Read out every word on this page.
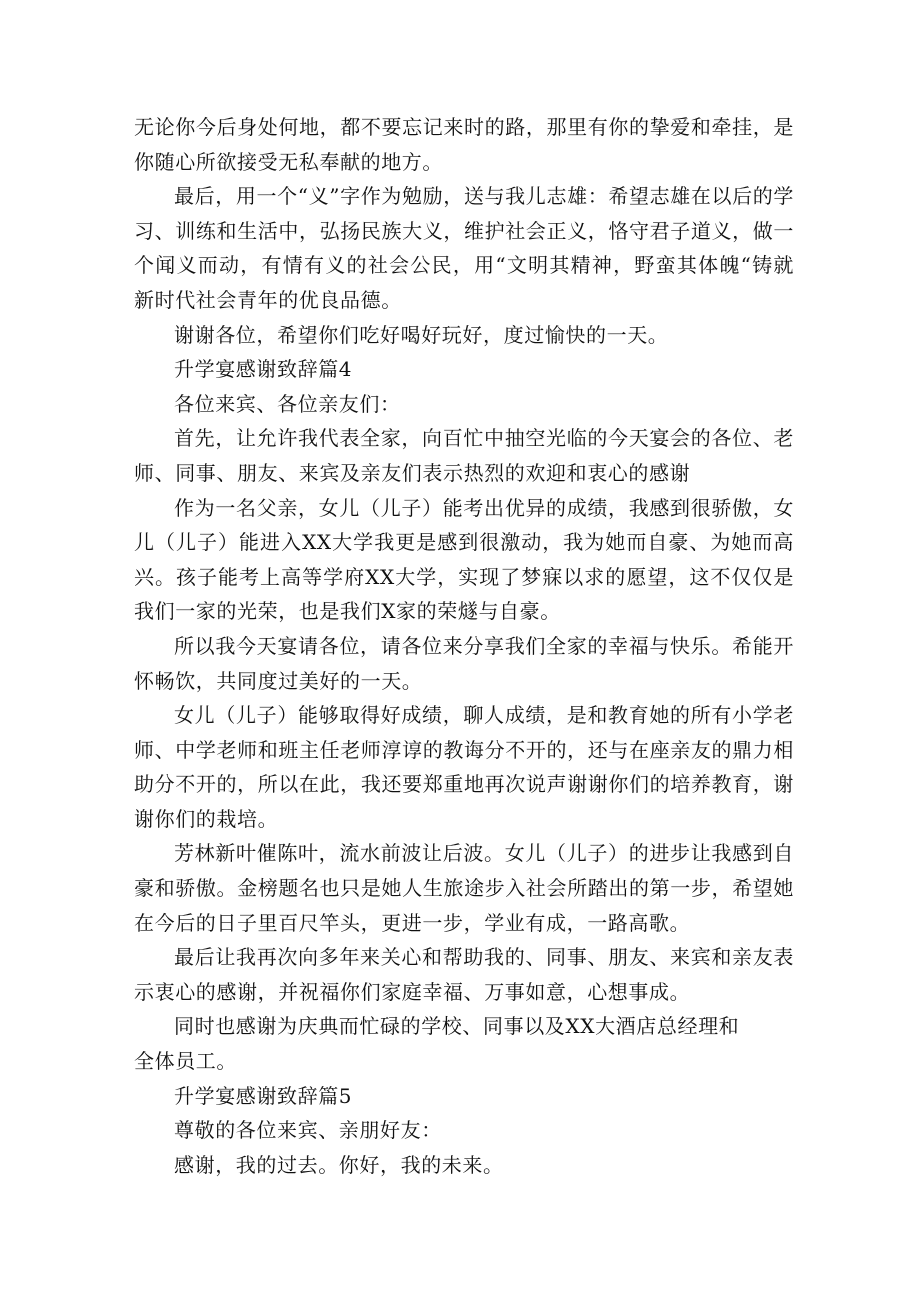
无论你今后身处何地，都不要忘记来时的路，那里有你的挚爱和牵挂，是你随心所欲接受无私奉献的地方。

最后，用一个“义”字作为勉励，送与我儿志雄：希望志雄在以后的学习、训练和生活中，弘扬民族大义，维护社会正义，恪守君子道义，做一个闻义而动，有情有义的社会公民，用“文明其精神，野蛮其体魄“铸就新时代社会青年的优良品德。

谢谢各位，希望你们吃好喝好玩好，度过愉快的一天。

升学宴感谢致辞篇4

各位来宾、各位亲友们：

首先，让允许我代表全家，向百忙中抽空光临的今天宴会的各位、老师、同事、朋友、来宾及亲友们表示热烈的欢迎和衷心的感谢

作为一名父亲，女儿（儿子）能考出优异的成绩，我感到很骄傲，女儿（儿子）能进入XX大学我更是感到很激动，我为她而自豪、为她而高兴。孩子能考上高等学府XX大学，实现了梦寐以求的愿望，这不仅仅是我们一家的光荣，也是我们X家的荣燧与自豪。

所以我今天宴请各位，请各位来分享我们全家的幸福与快乐。希能开怀畅饮，共同度过美好的一天。

女儿（儿子）能够取得好成绩，聊人成绩，是和教育她的所有小学老师、中学老师和班主任老师淳谆的教诲分不开的，还与在座亲友的鼎力相助分不开的，所以在此，我还要郑重地再次说声谢谢你们的培养教育，谢谢你们的栽培。

芳林新叶催陈叶，流水前波让后波。女儿（儿子）的进步让我感到自豪和骄傲。金榜题名也只是她人生旅途步入社会所踏出的第一步，希望她在今后的日子里百尺竿头，更进一步，学业有成，一路高歌。

最后让我再次向多年来关心和帮助我的、同事、朋友、来宾和亲友表示衷心的感谢，并祝福你们家庭幸福、万事如意，心想事成。

同时也感谢为庆典而忙碌的学校、同事以及XX大酒店总经理和

全体员工。

升学宴感谢致辞篇5

尊敬的各位来宾、亲朋好友：

感谢，我的过去。你好，我的未来。
